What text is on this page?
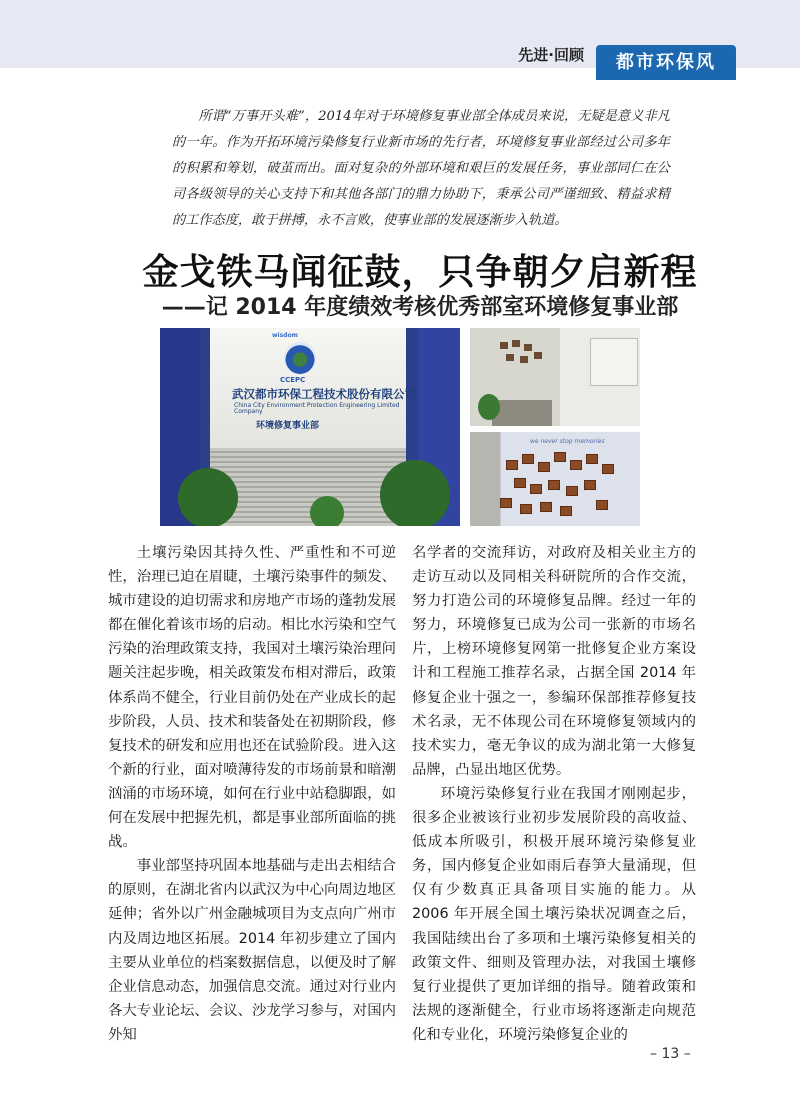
先进·回顾	都市环保风

所谓“万事开头难”，2014年对于环境修复事业部全体成员来说，无疑是意义非凡的一年。作为开拓环境污染修复行业新市场的先行者，环境修复事业部经过公司多年的积累和筹划，破茧而出。面对复杂的外部环境和艰巨的发展任务，事业部同仁在公司各级领导的关心支持下和其他各部门的鼎力协助下，秉承公司严谨细致、精益求精的工作态度，敢于拼搏，永不言败，使事业部的发展逐渐步入轨道。

金戈铁马闻征鼓，只争朝夕启新程
——记 2014 年度绩效考核优秀部室环境修复事业部
wisdom
CCEPC
武汉都市环保工程技术股份有限公司
China City Environment Protection Engineering Limited Company
环境修复事业部
we never stop memories

土壤污染因其持久性、严重性和不可逆性，治理已迫在眉睫，土壤污染事件的频发、城市建设的迫切需求和房地产市场的蓬勃发展都在催化着该市场的启动。相比水污染和空气污染的治理政策支持，我国对土壤污染治理问题关注起步晚，相关政策发布相对滞后，政策体系尚不健全，行业目前仍处在产业成长的起步阶段，人员、技术和装备处在初期阶段，修复技术的研发和应用也还在试验阶段。进入这个新的行业，面对喷薄待发的市场前景和暗潮汹涌的市场环境，如何在行业中站稳脚跟，如何在发展中把握先机，都是事业部所面临的挑战。

事业部坚持巩固本地基础与走出去相结合的原则，在湖北省内以武汉为中心向周边地区延伸；省外以广州金融城项目为支点向广州市内及周边地区拓展。2014 年初步建立了国内主要从业单位的档案数据信息，以便及时了解企业信息动态，加强信息交流。通过对行业内各大专业论坛、会议、沙龙学习参与，对国内外知

名学者的交流拜访，对政府及相关业主方的走访互动以及同相关科研院所的合作交流，努力打造公司的环境修复品牌。经过一年的努力，环境修复已成为公司一张新的市场名片，上榜环境修复网第一批修复企业方案设计和工程施工推荐名录，占据全国 2014 年修复企业十强之一，参编环保部推荐修复技术名录，无不体现公司在环境修复领域内的技术实力，毫无争议的成为湖北第一大修复品牌，凸显出地区优势。

环境污染修复行业在我国才刚刚起步，很多企业被该行业初步发展阶段的高收益、低成本所吸引，积极开展环境污染修复业务，国内修复企业如雨后春笋大量涌现，但仅有少数真正具备项目实施的能力。从 2006 年开展全国土壤污染状况调查之后，我国陆续出台了多项和土壤污染修复相关的政策文件、细则及管理办法，对我国土壤修复行业提供了更加详细的指导。随着政策和法规的逐渐健全，行业市场将逐渐走向规范化和专业化，环境污染修复企业的

– 13 –
